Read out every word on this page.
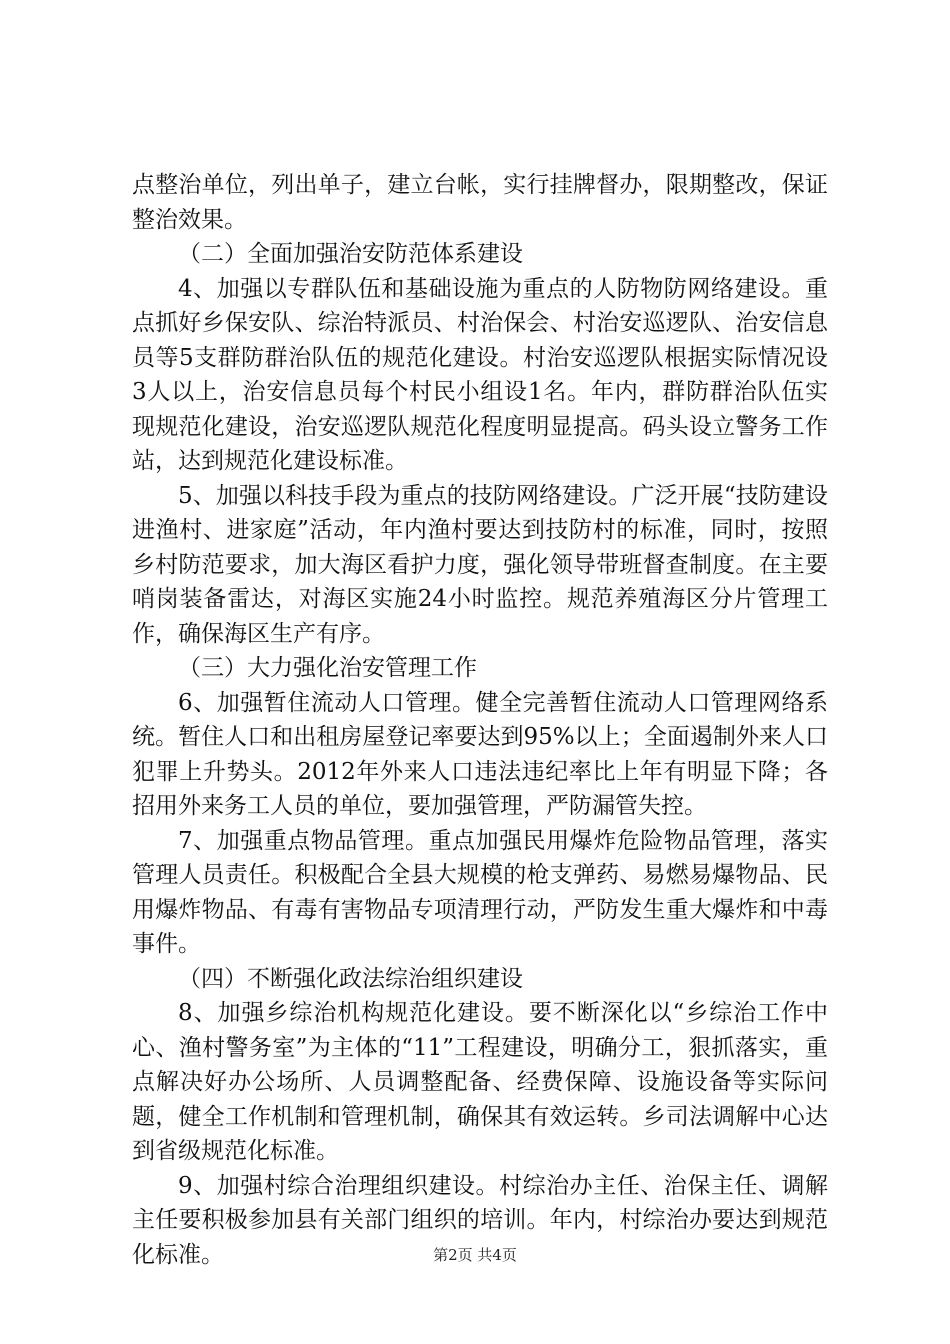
点整治单位，列出单子，建立台帐，实行挂牌督办，限期整改，保证整治效果。

（二）全面加强治安防范体系建设

4、加强以专群队伍和基础设施为重点的人防物防网络建设。重点抓好乡保安队、综治特派员、村治保会、村治安巡逻队、治安信息员等5支群防群治队伍的规范化建设。村治安巡逻队根据实际情况设3人以上，治安信息员每个村民小组设1名。年内，群防群治队伍实现规范化建设，治安巡逻队规范化程度明显提高。码头设立警务工作站，达到规范化建设标准。

5、加强以科技手段为重点的技防网络建设。广泛开展“技防建设进渔村、进家庭”活动，年内渔村要达到技防村的标准，同时，按照乡村防范要求，加大海区看护力度，强化领导带班督查制度。在主要哨岗装备雷达，对海区实施24小时监控。规范养殖海区分片管理工作，确保海区生产有序。

（三）大力强化治安管理工作

6、加强暂住流动人口管理。健全完善暂住流动人口管理网络系统。暂住人口和出租房屋登记率要达到95%以上；全面遏制外来人口犯罪上升势头。2012年外来人口违法违纪率比上年有明显下降；各招用外来务工人员的单位，要加强管理，严防漏管失控。

7、加强重点物品管理。重点加强民用爆炸危险物品管理，落实管理人员责任。积极配合全县大规模的枪支弹药、易燃易爆物品、民用爆炸物品、有毒有害物品专项清理行动，严防发生重大爆炸和中毒事件。

（四）不断强化政法综治组织建设

8、加强乡综治机构规范化建设。要不断深化以“乡综治工作中心、渔村警务室”为主体的“11”工程建设，明确分工，狠抓落实，重点解决好办公场所、人员调整配备、经费保障、设施设备等实际问题，健全工作机制和管理机制，确保其有效运转。乡司法调解中心达到省级规范化标准。

9、加强村综合治理组织建设。村综治办主任、治保主任、调解主任要积极参加县有关部门组织的培训。年内，村综治办要达到规范化标准。	第2页 共4页
